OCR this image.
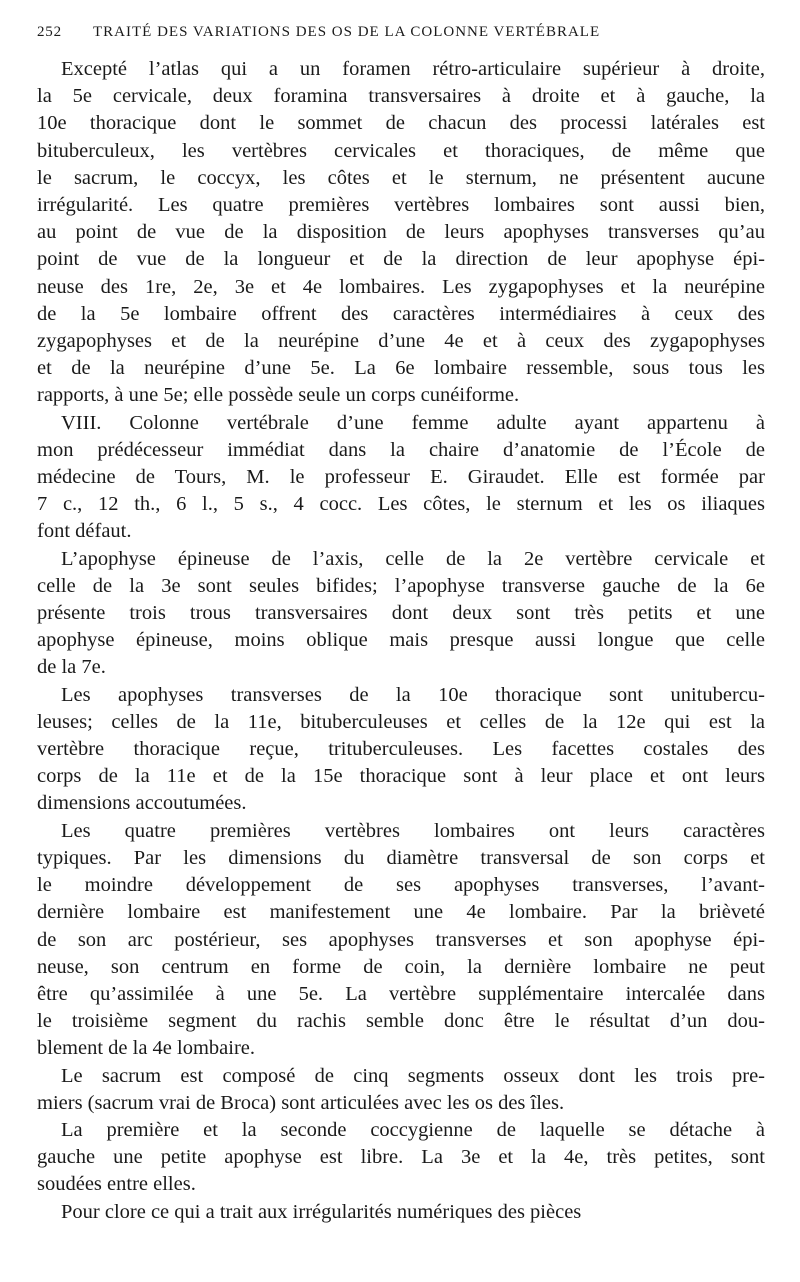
252	TRAITÉ DES VARIATIONS DES OS DE LA COLONNE VERTÉBRALE

Excepté l’atlas qui a un foramen rétro-articulaire supérieur à droite,
la 5e cervicale, deux foramina transversaires à droite et à gauche, la
10e thoracique dont le sommet de chacun des processi latérales est
bituberculeux, les vertèbres cervicales et thoraciques, de même que
le sacrum, le coccyx, les côtes et le sternum, ne présentent aucune
irrégularité. Les quatre premières vertèbres lombaires sont aussi bien,
au point de vue de la disposition de leurs apophyses transverses qu’au
point de vue de la longueur et de la direction de leur apophyse épi-
neuse des 1re, 2e, 3e et 4e lombaires. Les zygapophyses et la neurépine
de la 5e lombaire offrent des caractères intermédiaires à ceux des
zygapophyses et de la neurépine d’une 4e et à ceux des zygapophyses
et de la neurépine d’une 5e. La 6e lombaire ressemble, sous tous les
rapports, à une 5e; elle possède seule un corps cunéiforme.

VIII. Colonne vertébrale d’une femme adulte ayant appartenu à
mon prédécesseur immédiat dans la chaire d’anatomie de l’École de
médecine de Tours, M. le professeur E. Giraudet. Elle est formée par
7 c., 12 th., 6 l., 5 s., 4 cocc. Les côtes, le sternum et les os iliaques
font défaut.

L’apophyse épineuse de l’axis, celle de la 2e vertèbre cervicale et
celle de la 3e sont seules bifides; l’apophyse transverse gauche de la 6e
présente trois trous transversaires dont deux sont très petits et une
apophyse épineuse, moins oblique mais presque aussi longue que celle
de la 7e.

Les apophyses transverses de la 10e thoracique sont unitubercu-
leuses; celles de la 11e, bituberculeuses et celles de la 12e qui est la
vertèbre thoracique reçue, trituberculeuses. Les facettes costales des
corps de la 11e et de la 15e thoracique sont à leur place et ont leurs
dimensions accoutumées.

Les quatre premières vertèbres lombaires ont leurs caractères
typiques. Par les dimensions du diamètre transversal de son corps et
le moindre développement de ses apophyses transverses, l’avant-
dernière lombaire est manifestement une 4e lombaire. Par la brièveté
de son arc postérieur, ses apophyses transverses et son apophyse épi-
neuse, son centrum en forme de coin, la dernière lombaire ne peut
être qu’assimilée à une 5e. La vertèbre supplémentaire intercalée dans
le troisième segment du rachis semble donc être le résultat d’un dou-
blement de la 4e lombaire.

Le sacrum est composé de cinq segments osseux dont les trois pre-
miers (sacrum vrai de Broca) sont articulées avec les os des îles.

La première et la seconde coccygienne de laquelle se détache à
gauche une petite apophyse est libre. La 3e et la 4e, très petites, sont
soudées entre elles.

Pour clore ce qui a trait aux irrégularités numériques des pièces
